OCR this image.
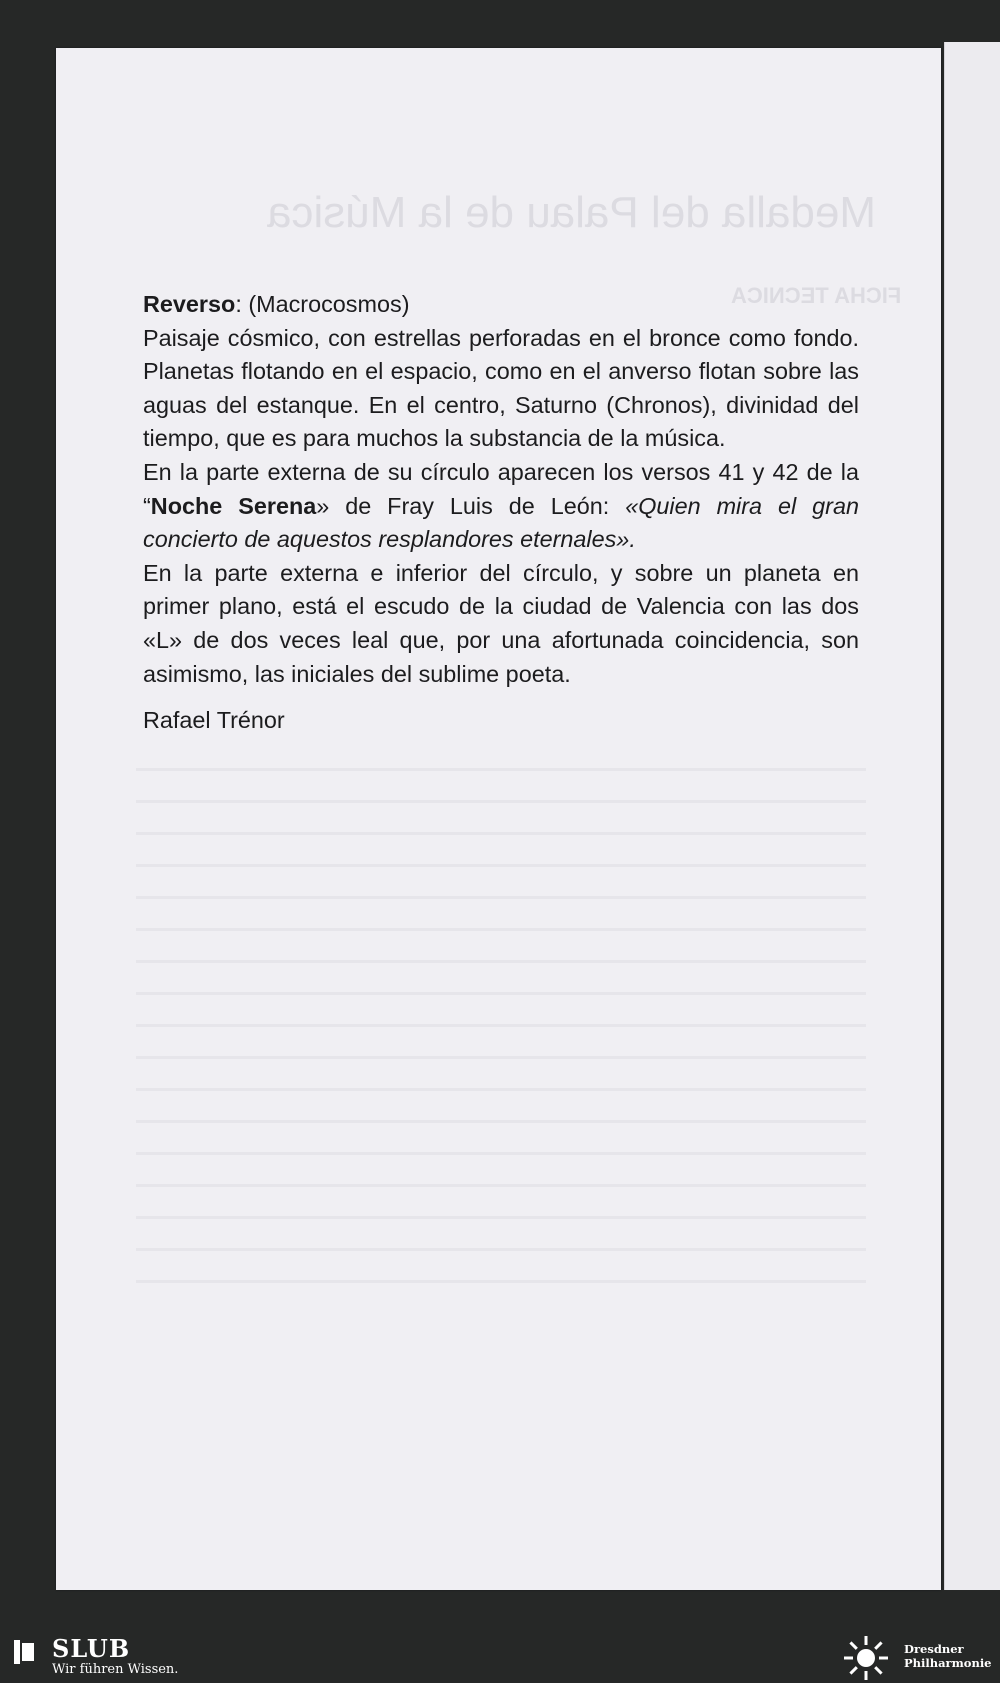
Medalla del Palau de la Música

FICHA TECNICA

Reverso: (Macrocosmos)

Paisaje cósmico, con estrellas perforadas en el bronce como fondo. Planetas flotando en el espacio, como en el anverso flotan sobre las aguas del estanque. En el centro, Saturno (Chronos), divinidad del tiempo, que es para muchos la substancia de la música.

En la parte externa de su círculo aparecen los versos 41 y 42 de la “Noche Serena» de Fray Luis de León: «Quien mira el gran concierto de aquestos resplandores eternales».

En la parte externa e inferior del círculo, y sobre un planeta en primer plano, está el escudo de la ciudad de Valencia con las dos «L» de dos veces leal que, por una afortunada coincidencia, son asimismo, las iniciales del sublime poeta.

Rafael Trénor

SLUB
Wir führen Wissen.
Dresdner
Philharmonie
